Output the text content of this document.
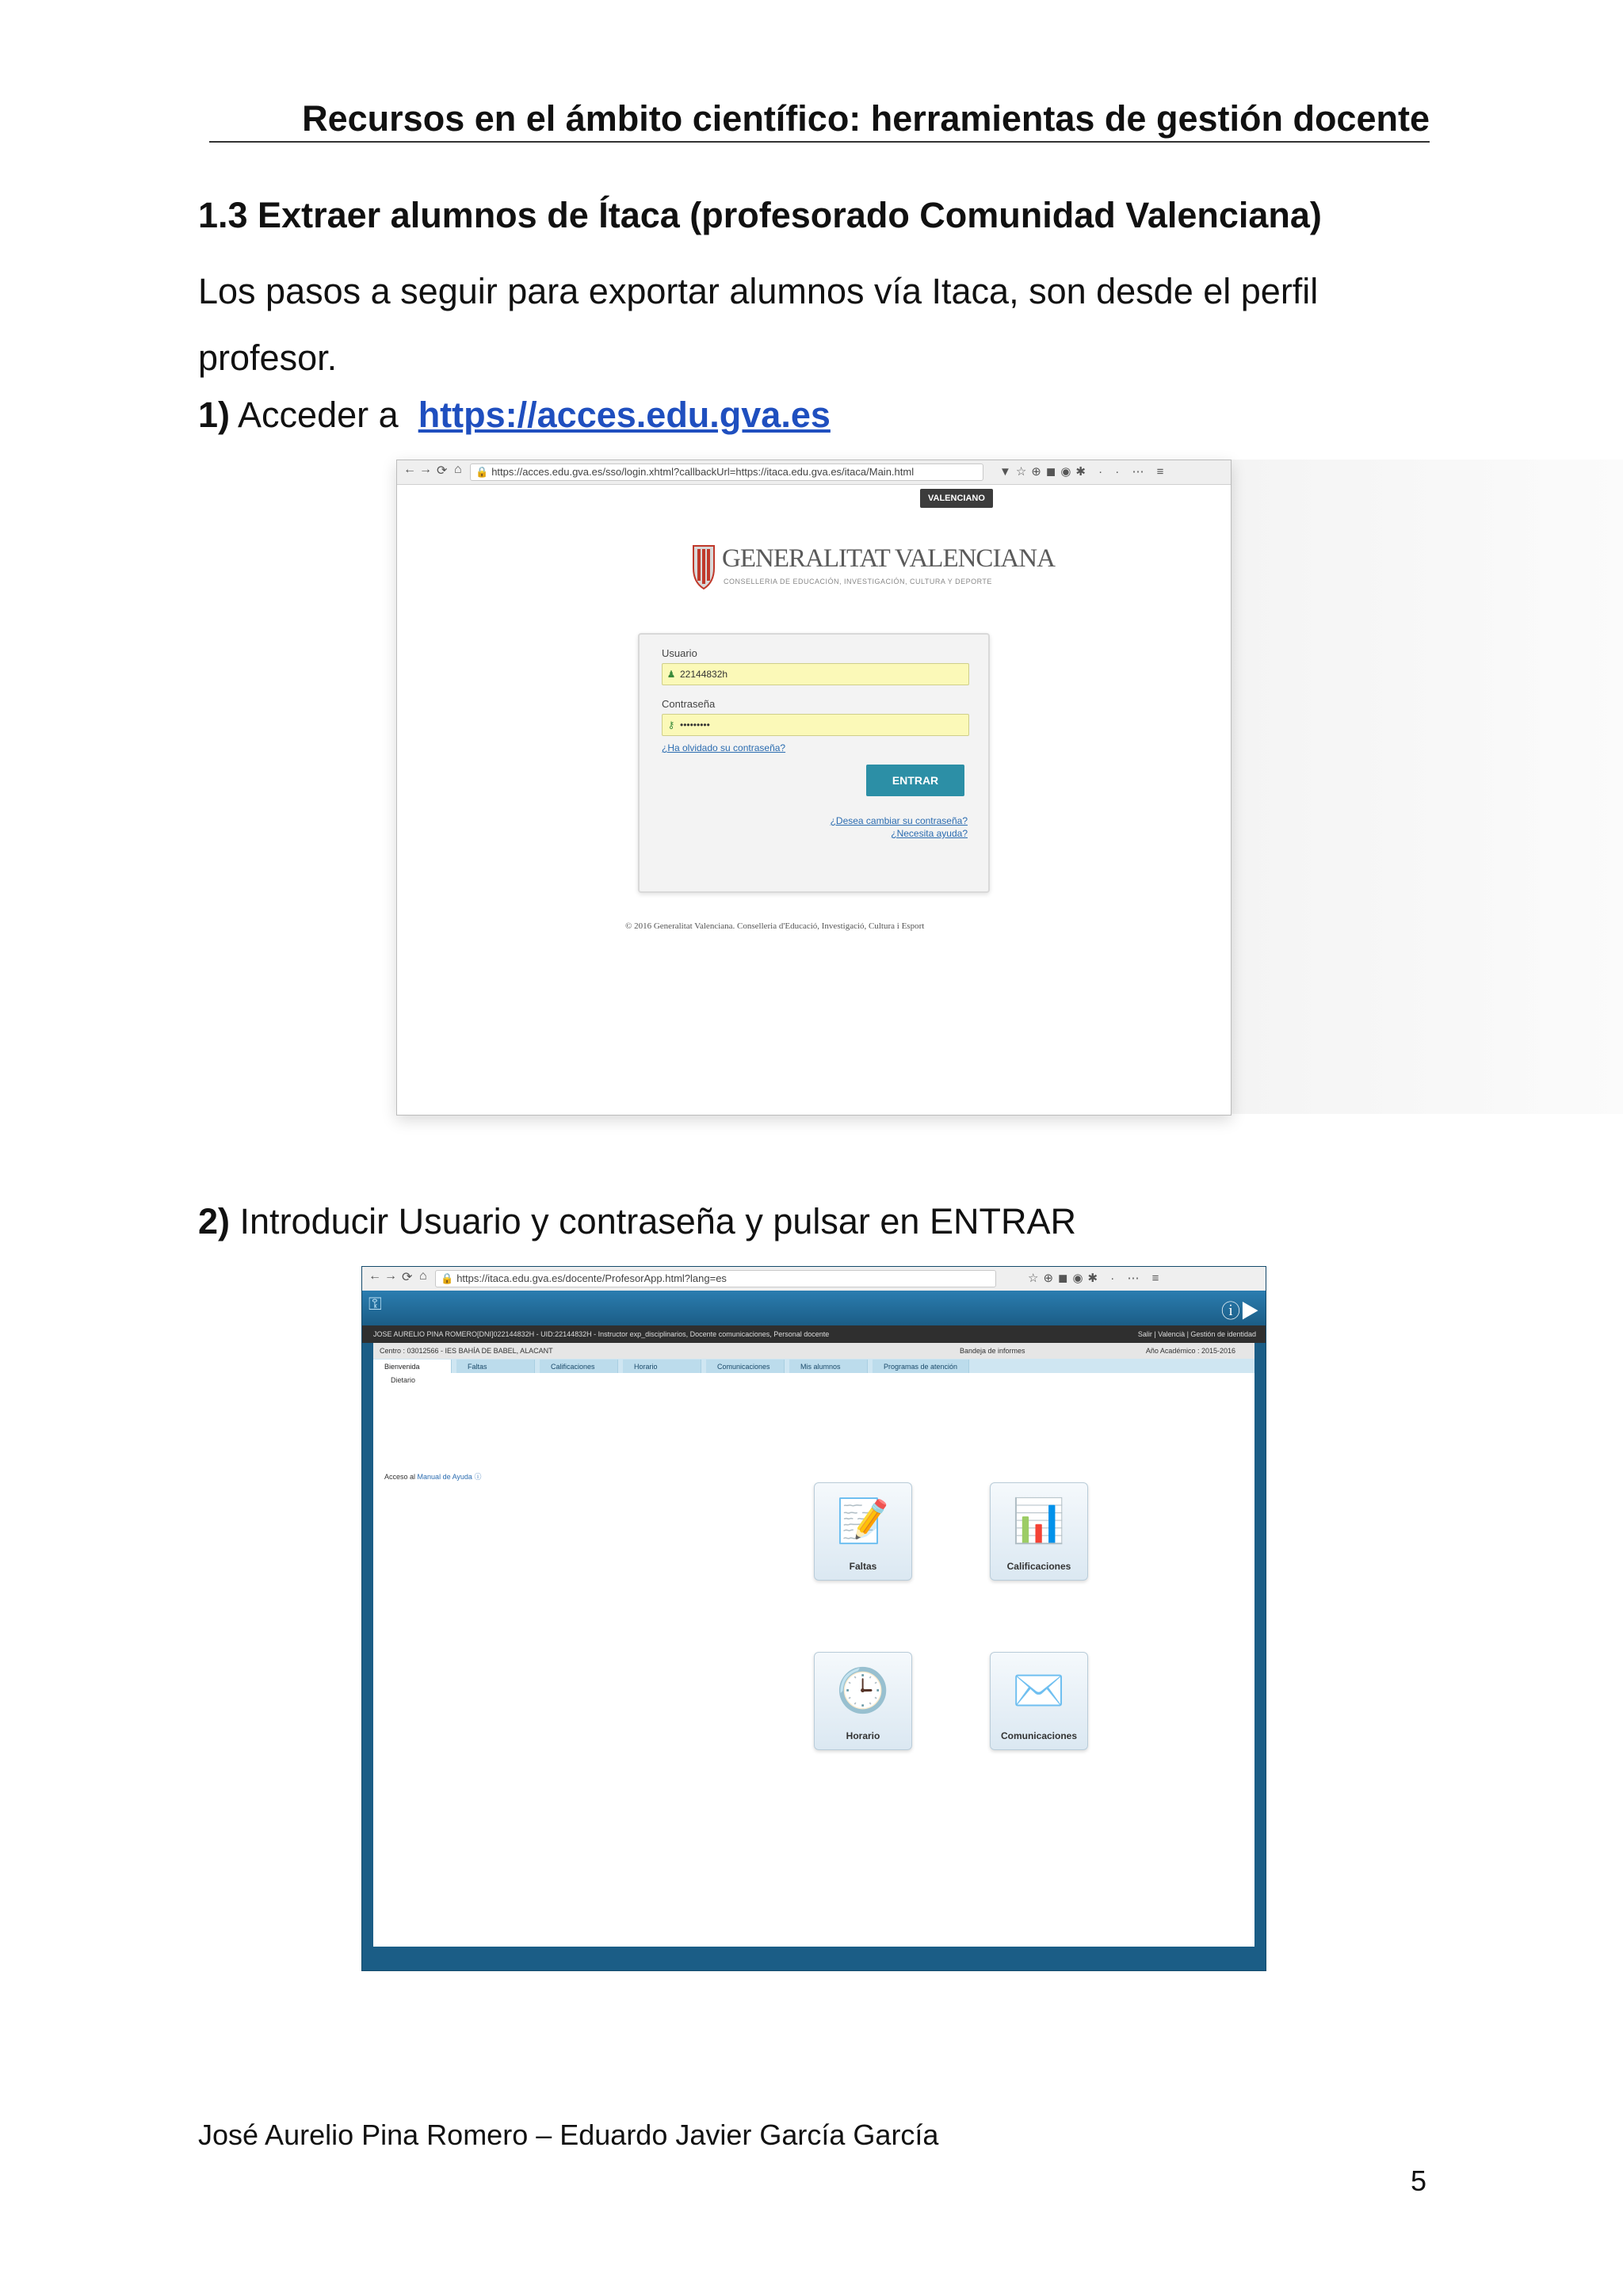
Recursos en el ámbito científico: herramientas de gestión docente
1.3 Extraer alumnos de Ítaca (profesorado Comunidad Valenciana)
Los pasos a seguir para exportar alumnos vía Itaca, son desde el perfil profesor.
1) Acceder a https://acces.edu.gva.es
← → ⟳ ⌂	🔒 https://acces.edu.gva.es/sso/login.xhtml?callbackUrl=https://itaca.edu.gva.es/itaca/Main.html	▼☆⊕◼◉✱ · · ⋯ ≡
VALENCIANO
GENERALITAT VALENCIANA
CONSELLERIA DE EDUCACIÓN, INVESTIGACIÓN, CULTURA Y DEPORTE
Usuario
♟ 22144832h
Contraseña
⚷ •••••••••
¿Ha olvidado su contraseña?
ENTRAR
¿Desea cambiar su contraseña?
¿Necesita ayuda?
© 2016 Generalitat Valenciana. Conselleria d'Educació, Investigació, Cultura i Esport
2) Introducir Usuario y contraseña y pulsar en ENTRAR
← → ⟳ ⌂	🔒 https://itaca.edu.gva.es/docente/ProfesorApp.html?lang=es	☆⊕◼◉✱ · ⋯ ≡
⚿	ⓘ▶
JOSE AURELIO PINA ROMERO[DNI]022144832H - UID:22144832H - Instructor exp_disciplinarios, Docente comunicaciones, Personal docente	Salir | Valencià | Gestión de identidad
Centro : 03012566 - IES BAHÍA DE BABEL, ALACANT	Bandeja de informes	Año Académico : 2015-2016
Bienvenida	Faltas	Calificaciones	Horario	Comunicaciones	Mis alumnos	Programas de atención
Dietario
Acceso al Manual de Ayuda ⓘ
📝
Faltas
📊
Calificaciones
🕒
Horario
✉️
Comunicaciones
José Aurelio Pina Romero – Eduardo Javier García García
5
